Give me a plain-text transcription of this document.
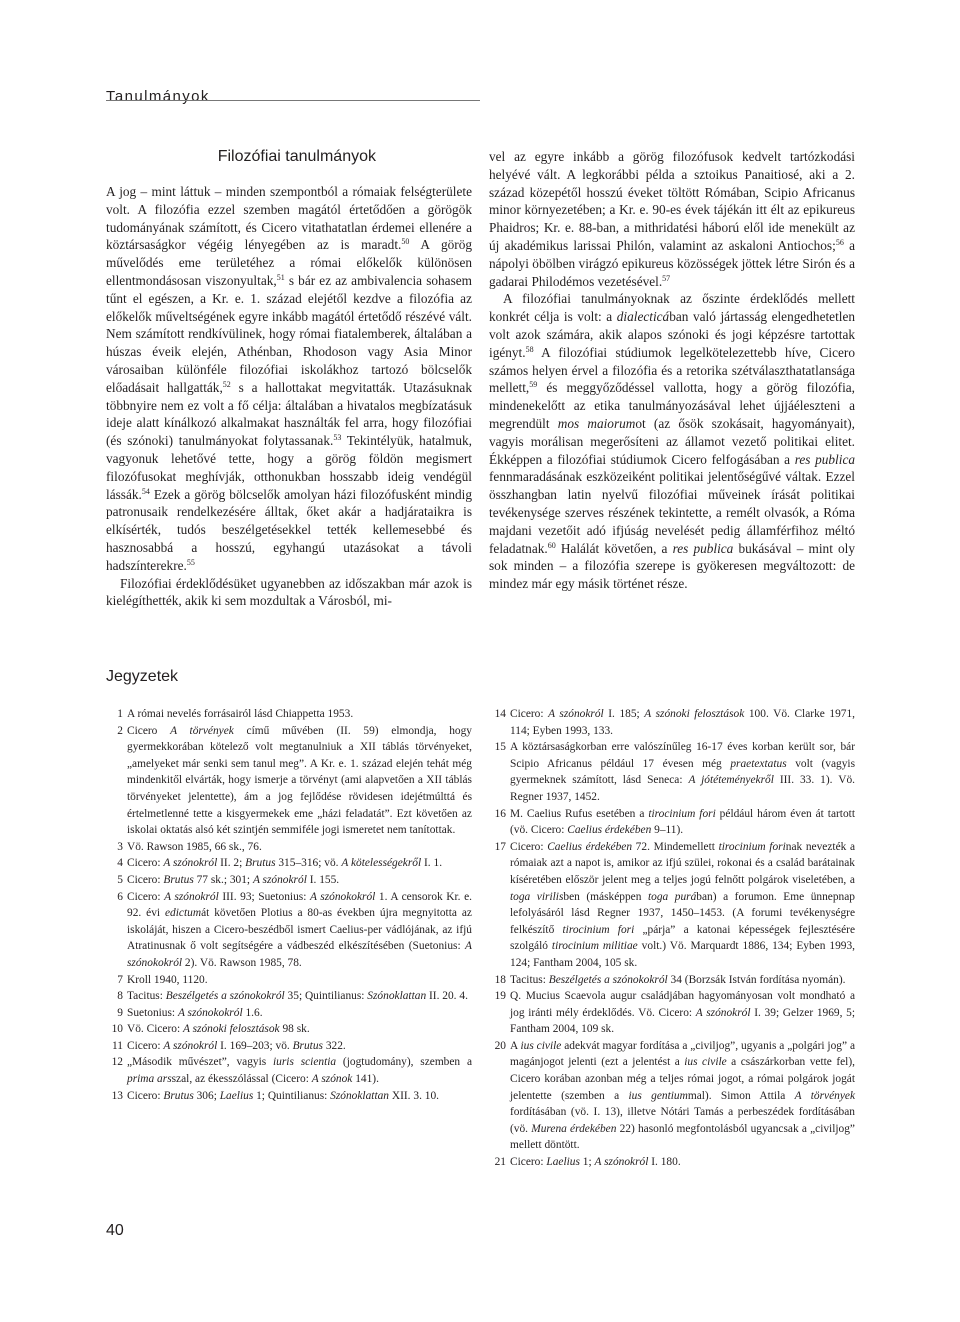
Tanulmányok
Filozófiai tanulmányok

A jog – mint láttuk – minden szempontból a rómaiak felségterülete volt. A filozófia ezzel szemben magától értetődően a görögök tudományának számított, és Cicero vitathatatlan érdemei ellenére a köztársaságkor végéig lényegében az is maradt.$^{50}$ A görög művelődés eme területéhez a római előkelők különösen ellentmondásosan viszonyultak,$^{51}$ s bár ez az ambivalencia sohasem tűnt el egészen, a Kr. e. 1. század elejétől kezdve a filozófia az előkelők műveltségének egyre inkább magától értetődő részévé vált. Nem számított rendkívülinek, hogy római fiatalemberek, általában a húszas éveik elején, Athénban, Rhodoson vagy Asia Minor városaiban különféle filozófiai iskolákhoz tartozó bölcselők előadásait hallgatták,$^{52}$ s a hallottakat megvitatták. Utazásuknak többnyire nem ez volt a fő célja: általában a hivatalos megbízatásuk ideje alatt kínálkozó alkalmakat használták fel arra, hogy filozófiai (és szónoki) tanulmányokat folytassanak.$^{53}$ Tekintélyük, hatalmuk, vagyonuk lehetővé tette, hogy a görög földön megismert filozófusokat meghívják, otthonukban hosszabb ideig vendégül lássák.$^{54}$ Ezek a görög bölcselők amolyan házi filozófusként mindig patronusaik rendelkezésére álltak, őket akár a hadjárataikra is elkísérték, tudós beszélgetésekkel tették kellemesebbé és hasznosabbá a hosszú, egyhangú utazásokat a távoli hadszínterekre.$^{55}$

Filozófiai érdeklődésüket ugyanebben az időszakban már azok is kielégíthették, akik ki sem mozdultak a Városból, mi-

vel az egyre inkább a görög filozófusok kedvelt tartózkodási helyévé vált. A legkorábbi példa a sztoikus Panaitiosé, aki a 2. század közepétől hosszú éveket töltött Rómában, Scipio Africanus minor környezetében; a Kr. e. 90-es évek tájékán itt élt az epikureus Phaidros; Kr. e. 88-ban, a mithridatési háború elől ide menekült az új akadémikus larissai Philón, valamint az askaloni Antiochos;$^{56}$ a nápolyi öbölben virágzó epikureus közösségek jöttek létre Sirón és a gadarai Philodémos vezetésével.$^{57}$

A filozófiai tanulmányoknak az őszinte érdeklődés mellett konkrét célja is volt: a dialecticában való jártasság elengedhetetlen volt azok számára, akik alapos szónoki és jogi képzésre tartottak igényt.$^{58}$ A filozófiai stúdiumok legelkötelezettebb híve, Cicero számos helyen érvel a filozófia és a retorika szétválaszthatatlansága mellett,$^{59}$ és meggyőződéssel vallotta, hogy a görög filozófia, mindenekelőtt az etika tanulmányozásával lehet újjáéleszteni a megrendült mos maiorumot (az ősök szokásait, hagyományait), vagyis morálisan megerősíteni az államot vezető politikai elitet. Ékképpen a filozófiai stúdiumok Cicero felfogásában a res publica fennmaradásának eszközeiként politikai jelentőségűvé váltak. Ezzel összhangban latin nyelvű filozófiai műveinek írását politikai tevékenysége szerves részének tekintette, a remélt olvasók, a Róma majdani vezetőit adó ifjúság nevelését pedig államférfihoz méltó feladatnak.$^{60}$ Halálát követően, a res publica bukásával – mint oly sok minden – a filozófia szerepe is gyökeresen megváltozott: de mindez már egy másik történet része.

Jegyzetek
1 A római nevelés forrásairól lásd Chiappetta 1953.
2 Cicero A törvények című művében (II. 59) elmondja, hogy gyermekkorában kötelező volt megtanulniuk a XII táblás törvényeket, „amelyeket már senki sem tanul meg”. A Kr. e. 1. század elején tehát még mindenkitől elvárták, hogy ismerje a törvényt (ami alapvetően a XII táblás törvényeket jelentette), ám a jog fejlődése rövidesen idejétmúlttá és értelmetlenné tette a kisgyermekek eme „házi feladatát”. Ezt követően az iskolai oktatás alsó két szintjén semmiféle jogi ismeretet nem tanítottak.
3 Vö. Rawson 1985, 66 sk., 76.
4 Cicero: A szónokról II. 2; Brutus 315–316; vö. A kötelességekről I. 1.
5 Cicero: Brutus 77 sk.; 301; A szónokról I. 155.
6 Cicero: A szónokról III. 93; Suetonius: A szónokokról 1. A censorok Kr. e. 92. évi edictumát követően Plotius a 80-as években újra megnyitotta az iskoláját, hiszen a Cicero-beszédből ismert Caelius-per vádlójának, az ifjú Atratinusnak ő volt segítségére a vádbeszéd elkészítésében (Suetonius: A szónokokról 2). Vö. Rawson 1985, 78.
7 Kroll 1940, 1120.
8 Tacitus: Beszélgetés a szónokokról 35; Quintilianus: Szónoklattan II. 20. 4.
9 Suetonius: A szónokokról 1.6.
10 Vö. Cicero: A szónoki felosztások 98 sk.
11 Cicero: A szónokról I. 169–203; vö. Brutus 322.
12 „Második művészet”, vagyis iuris scientia (jogtudomány), szemben a prima arsszal, az ékesszólással (Cicero: A szónok 141).
13 Cicero: Brutus 306; Laelius 1; Quintilianus: Szónoklattan XII. 3. 10.
14 Cicero: A szónokról I. 185; A szónoki felosztások 100. Vö. Clarke 1971, 114; Eyben 1993, 133.
15 A köztársaságkorban erre valószínűleg 16-17 éves korban került sor, bár Scipio Africanus például 17 évesen még praetextatus volt (vagyis gyermeknek számított, lásd Seneca: A jótéteményekről III. 33. 1). Vö. Regner 1937, 1452.
16 M. Caelius Rufus esetében a tirocinium fori például három éven át tartott (vö. Cicero: Caelius érdekében 9–11).
17 Cicero: Caelius érdekében 72. Mindemellett tirocinium forinak nevezték a rómaiak azt a napot is, amikor az ifjú szülei, rokonai és a család barátainak kíséretében először jelent meg a teljes jogú felnőtt polgárok viseletében, a toga virilisben (másképpen toga purában) a forumon. Eme ünnepnap lefolyásáról lásd Regner 1937, 1450–1453. (A forumi tevékenységre felkészítő tirocinium fori „párja” a katonai képességek fejlesztésére szolgáló tirocinium militiae volt.) Vö. Marquardt 1886, 134; Eyben 1993, 124; Fantham 2004, 105 sk.
18 Tacitus: Beszélgetés a szónokokról 34 (Borzsák István fordítása nyomán).
19 Q. Mucius Scaevola augur családjában hagyományosan volt mondható a jog iránti mély érdeklődés. Vö. Cicero: A szónokról I. 39; Gelzer 1969, 5; Fantham 2004, 109 sk.
20 A ius civile adekvát magyar fordítása a „civiljog”, ugyanis a „polgári jog” a magánjogot jelenti (ezt a jelentést a ius civile a császárkorban vette fel), Cicero korában azonban még a teljes római jogot, a római polgárok jogát jelentette (szemben a ius gentiummal). Simon Attila A törvények fordításában (vö. I. 13), illetve Nótári Tamás a perbeszédek fordításában (vö. Murena érdekében 22) hasonló megfontolásból ugyancsak a „civiljog” mellett döntött.
21 Cicero: Laelius 1; A szónokról I. 180.
40
